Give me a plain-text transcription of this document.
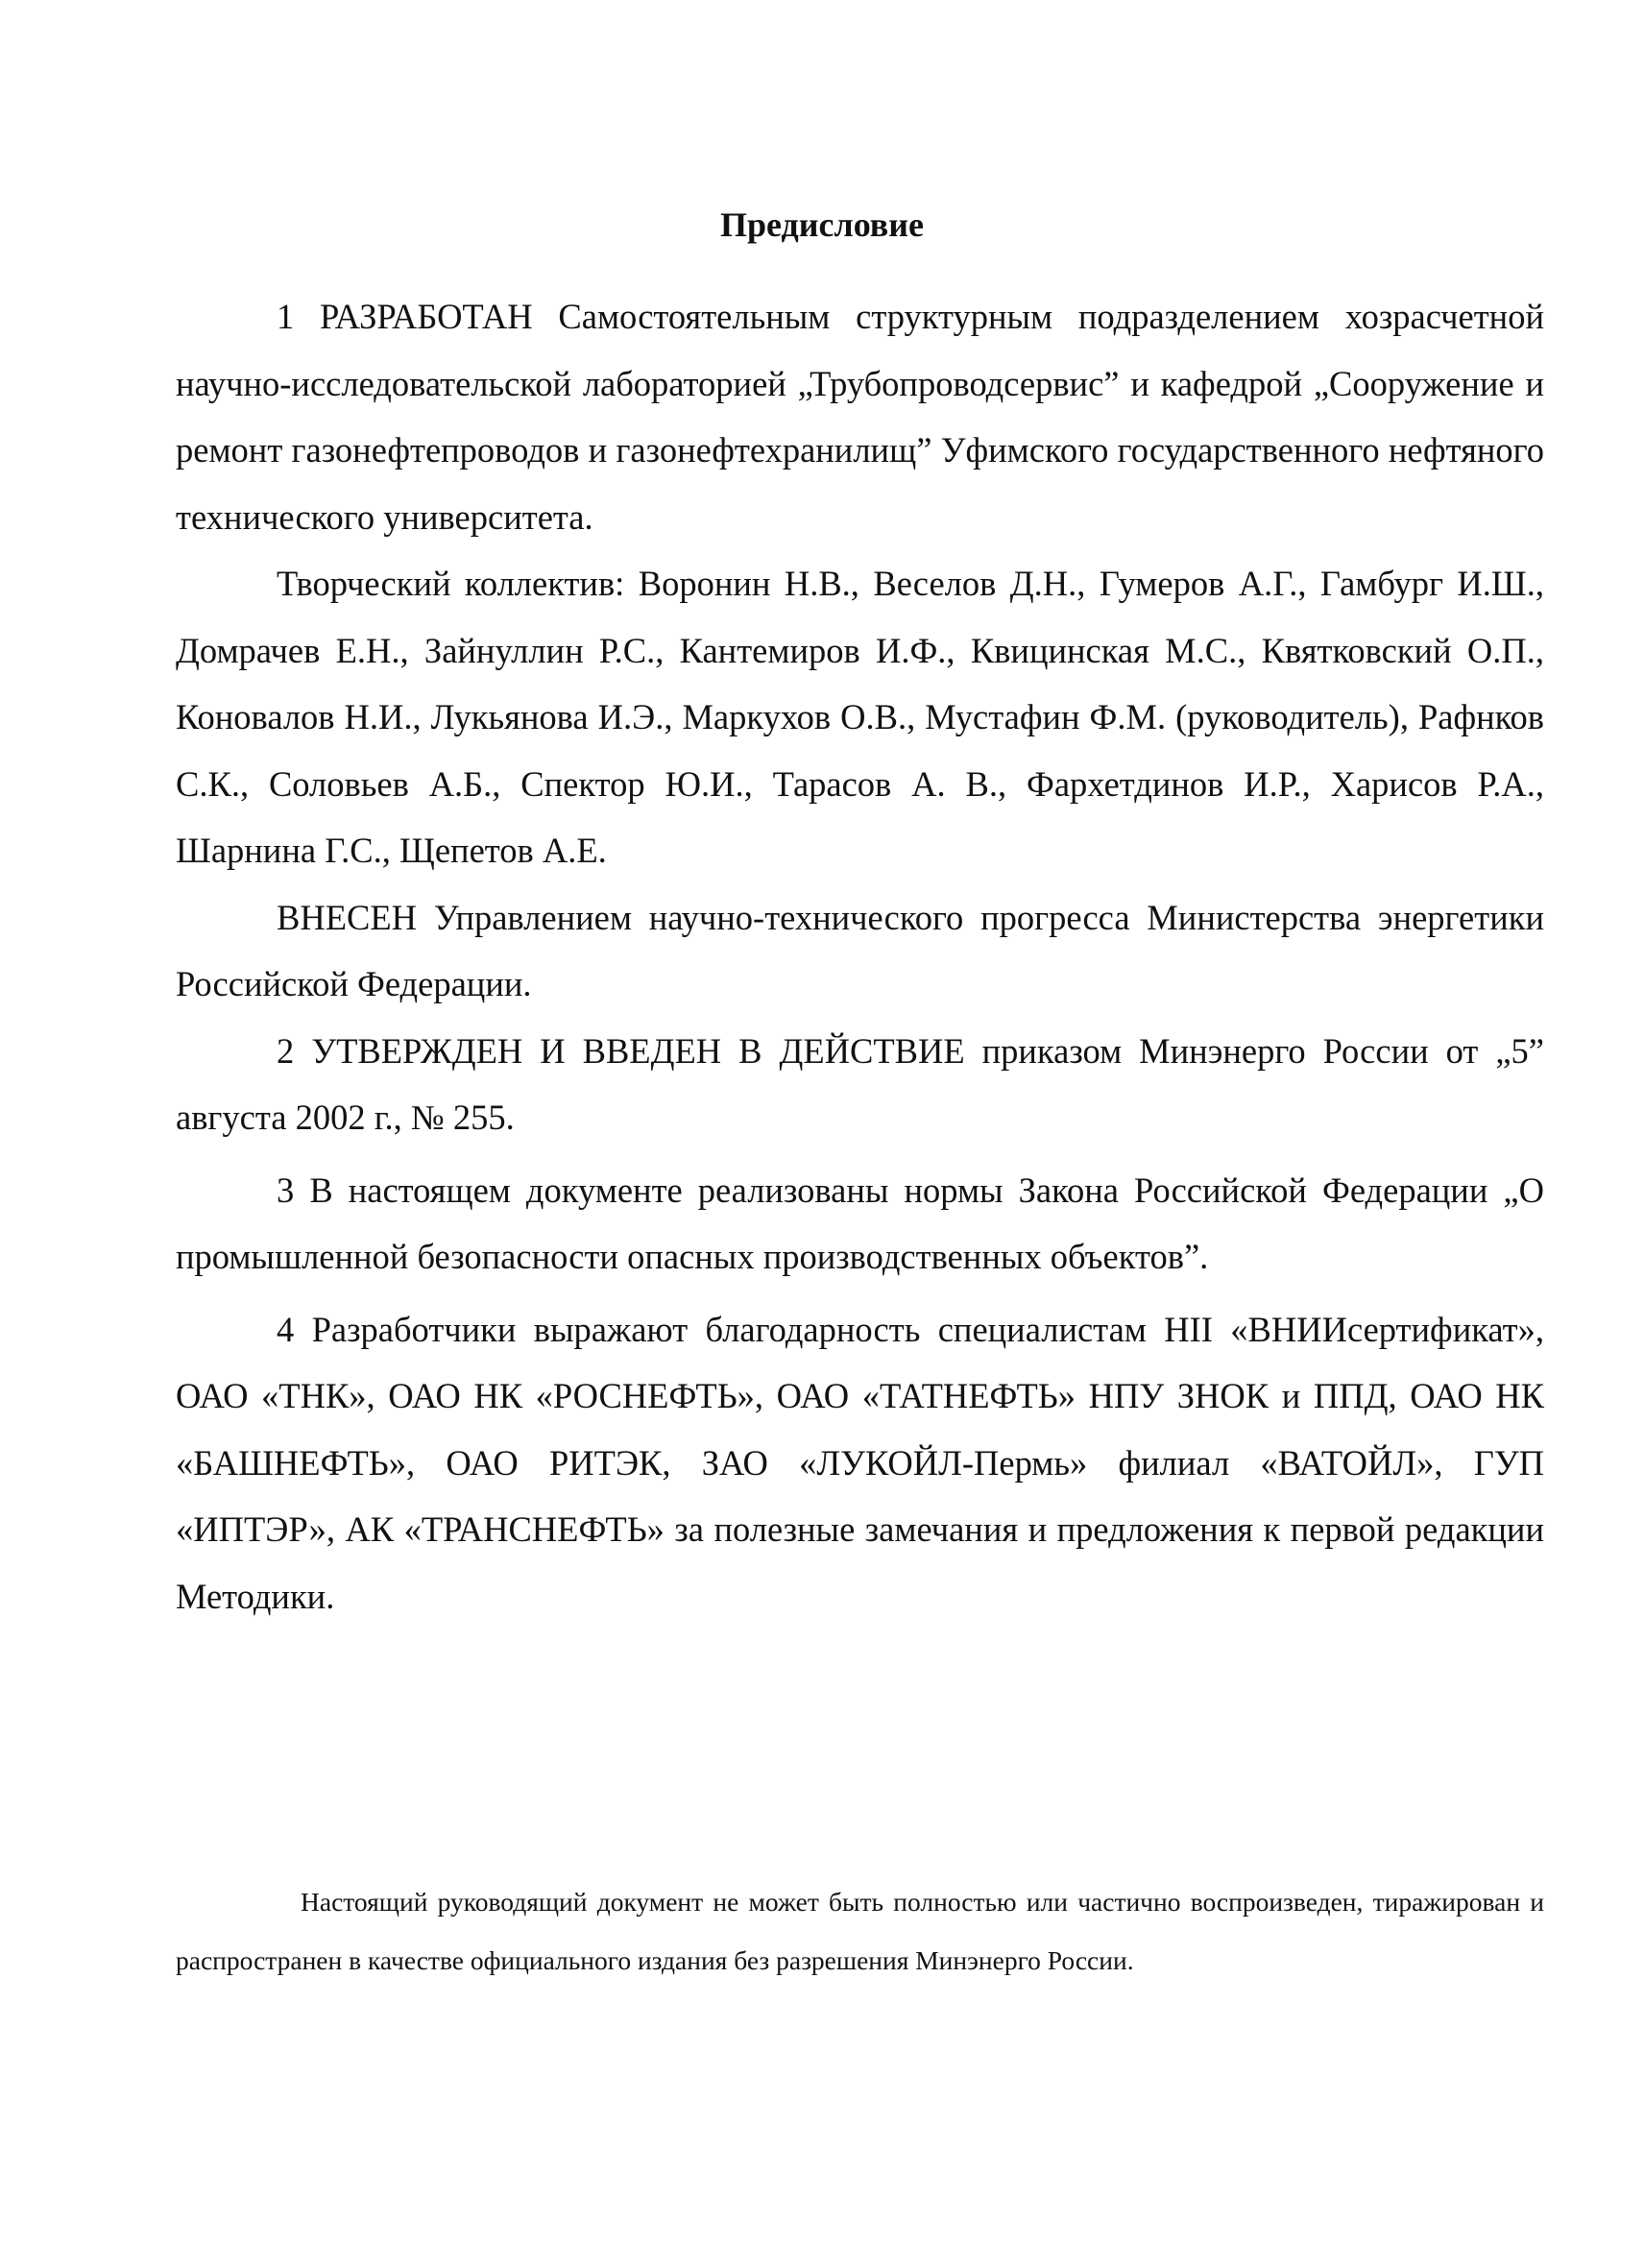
Предисловие

1 РАЗРАБОТАН Самостоятельным структурным подразделением хозрасчетной научно-исследовательской лабораторией „Трубопроводсервис” и кафедрой „Сооружение и ремонт газонефтепроводов и газонефтехранилищ” Уфимского государственного нефтяного технического университета.

Творческий коллектив: Воронин Н.В., Веселов Д.Н., Гумеров А.Г., Гамбург И.Ш., Домрачев Е.Н., Зайнуллин Р.С., Кантемиров И.Ф., Квицинская М.С., Квятковский О.П., Коновалов Н.И., Лукьянова И.Э., Маркухов О.В., Мустафин Ф.М. (руководитель), Рафнков С.К., Соловьев А.Б., Спектор Ю.И., Тарасов А. В., Фархетдинов И.Р., Харисов Р.А., Шарнина Г.С., Щепетов А.Е.

ВНЕСЕН Управлением научно-технического прогресса Министерства энергетики Российской Федерации.

2 УТВЕРЖДЕН И ВВЕДЕН В ДЕЙСТВИЕ приказом Минэнерго России от „5” августа 2002 г., № 255.

3 В настоящем документе реализованы нормы Закона Российской Федерации „О промышленной безопасности опасных производственных объектов”.

4 Разработчики выражают благодарность специалистам НII «ВНИИсертификат», ОАО «ТНК», ОАО НК «РОСНЕФТЬ», ОАО «ТАТНЕФТЬ» НПУ ЗНОК и ППД, ОАО НК «БАШНЕФТЬ», ОАО РИТЭК, ЗАО «ЛУКОЙЛ-Пермь» филиал «ВАТОЙЛ», ГУП «ИПТЭР», АК «ТРАНСНЕФТЬ» за полезные замечания и предложения к первой редакции Методики.

Настоящий руководящий документ не может быть полностью или частично воспроизведен, тиражирован и распространен в качестве официального издания без разрешения Минэнерго России.
